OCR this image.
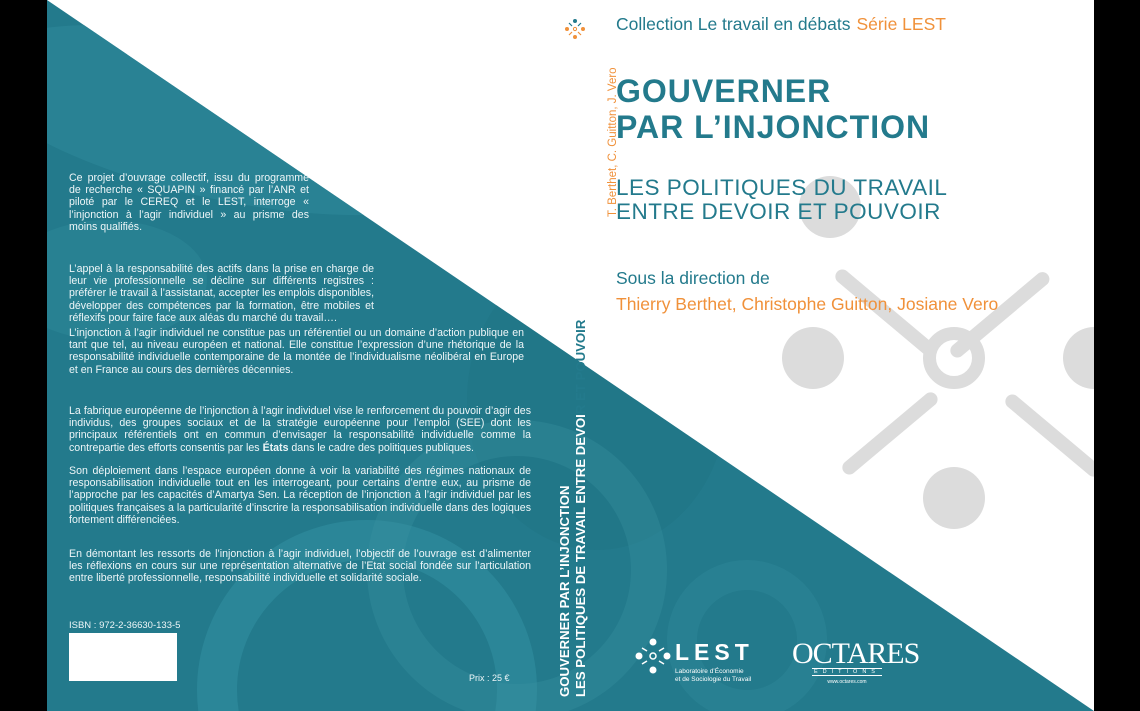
Ce projet d’ouvrage collectif, issu du programme de recherche « SQUAPIN » financé par l’ANR et piloté par le CEREQ et le LEST, interroge « l’injonction à l’agir individuel » au prisme des moins qualifiés.

L’appel à la responsabilité des actifs dans la prise en charge de leur vie professionnelle se décline sur différents registres : préférer le travail à l’assistanat, accepter les emplois disponibles, développer des compétences par la formation, être mobiles et réflexifs pour faire face aux aléas du marché du travail….

L’injonction à l’agir individuel ne constitue pas un référentiel ou un domaine d’action publique en tant que tel, au niveau européen et national. Elle constitue l’expression d’une rhétorique de la responsabilité individuelle contemporaine de la montée de l’individualisme néolibéral en Europe et en France au cours des dernières décennies.

La fabrique européenne de l’injonction à l’agir individuel vise le renforcement du pouvoir d’agir des individus, des groupes sociaux et de la stratégie européenne pour l’emploi (SEE) dont les principaux référentiels ont en commun d’envisager la responsabilité individuelle comme la contrepartie des efforts consentis par les États dans le cadre des politiques publiques.

Son déploiement dans l’espace européen donne à voir la variabilité des régimes nationaux de responsabilisation individuelle tout en les interrogeant, pour certains d’entre eux, au prisme de l’approche par les capacités d’Amartya Sen. La réception de l’injonction à l’agir individuel par les politiques françaises a la particularité d’inscrire la responsabilisation individuelle dans des logiques fortement différenciées.

En démontant les ressorts de l’injonction à l’agir individuel, l’objectif de l’ouvrage est d’alimenter les réflexions en cours sur une représentation alternative de l’Etat social fondée sur l’articulation entre liberté professionnelle, responsabilité individuelle et solidarité sociale.

ISBN : 972-2-36630-133-5
Prix : 25 €
T. Berthet, C. Guitton, J. Vero
GOUVERNER PAR L’INJONCTION LES POLITIQUES DE TRAVAIL ENTRE DEVOIR ET POUVOIR
Collection Le travail en débats Série LEST
GOUVERNER
PAR L’INJONCTION
LES POLITIQUES DU TRAVAIL
ENTRE DEVOIR ET POUVOIR
Sous la direction de
Thierry Berthet, Christophe Guitton, Josiane Vero
LEST
Laboratoire d’Économie
et de Sociologie du Travail
OCTARES
EDITIONS
www.octares.com
